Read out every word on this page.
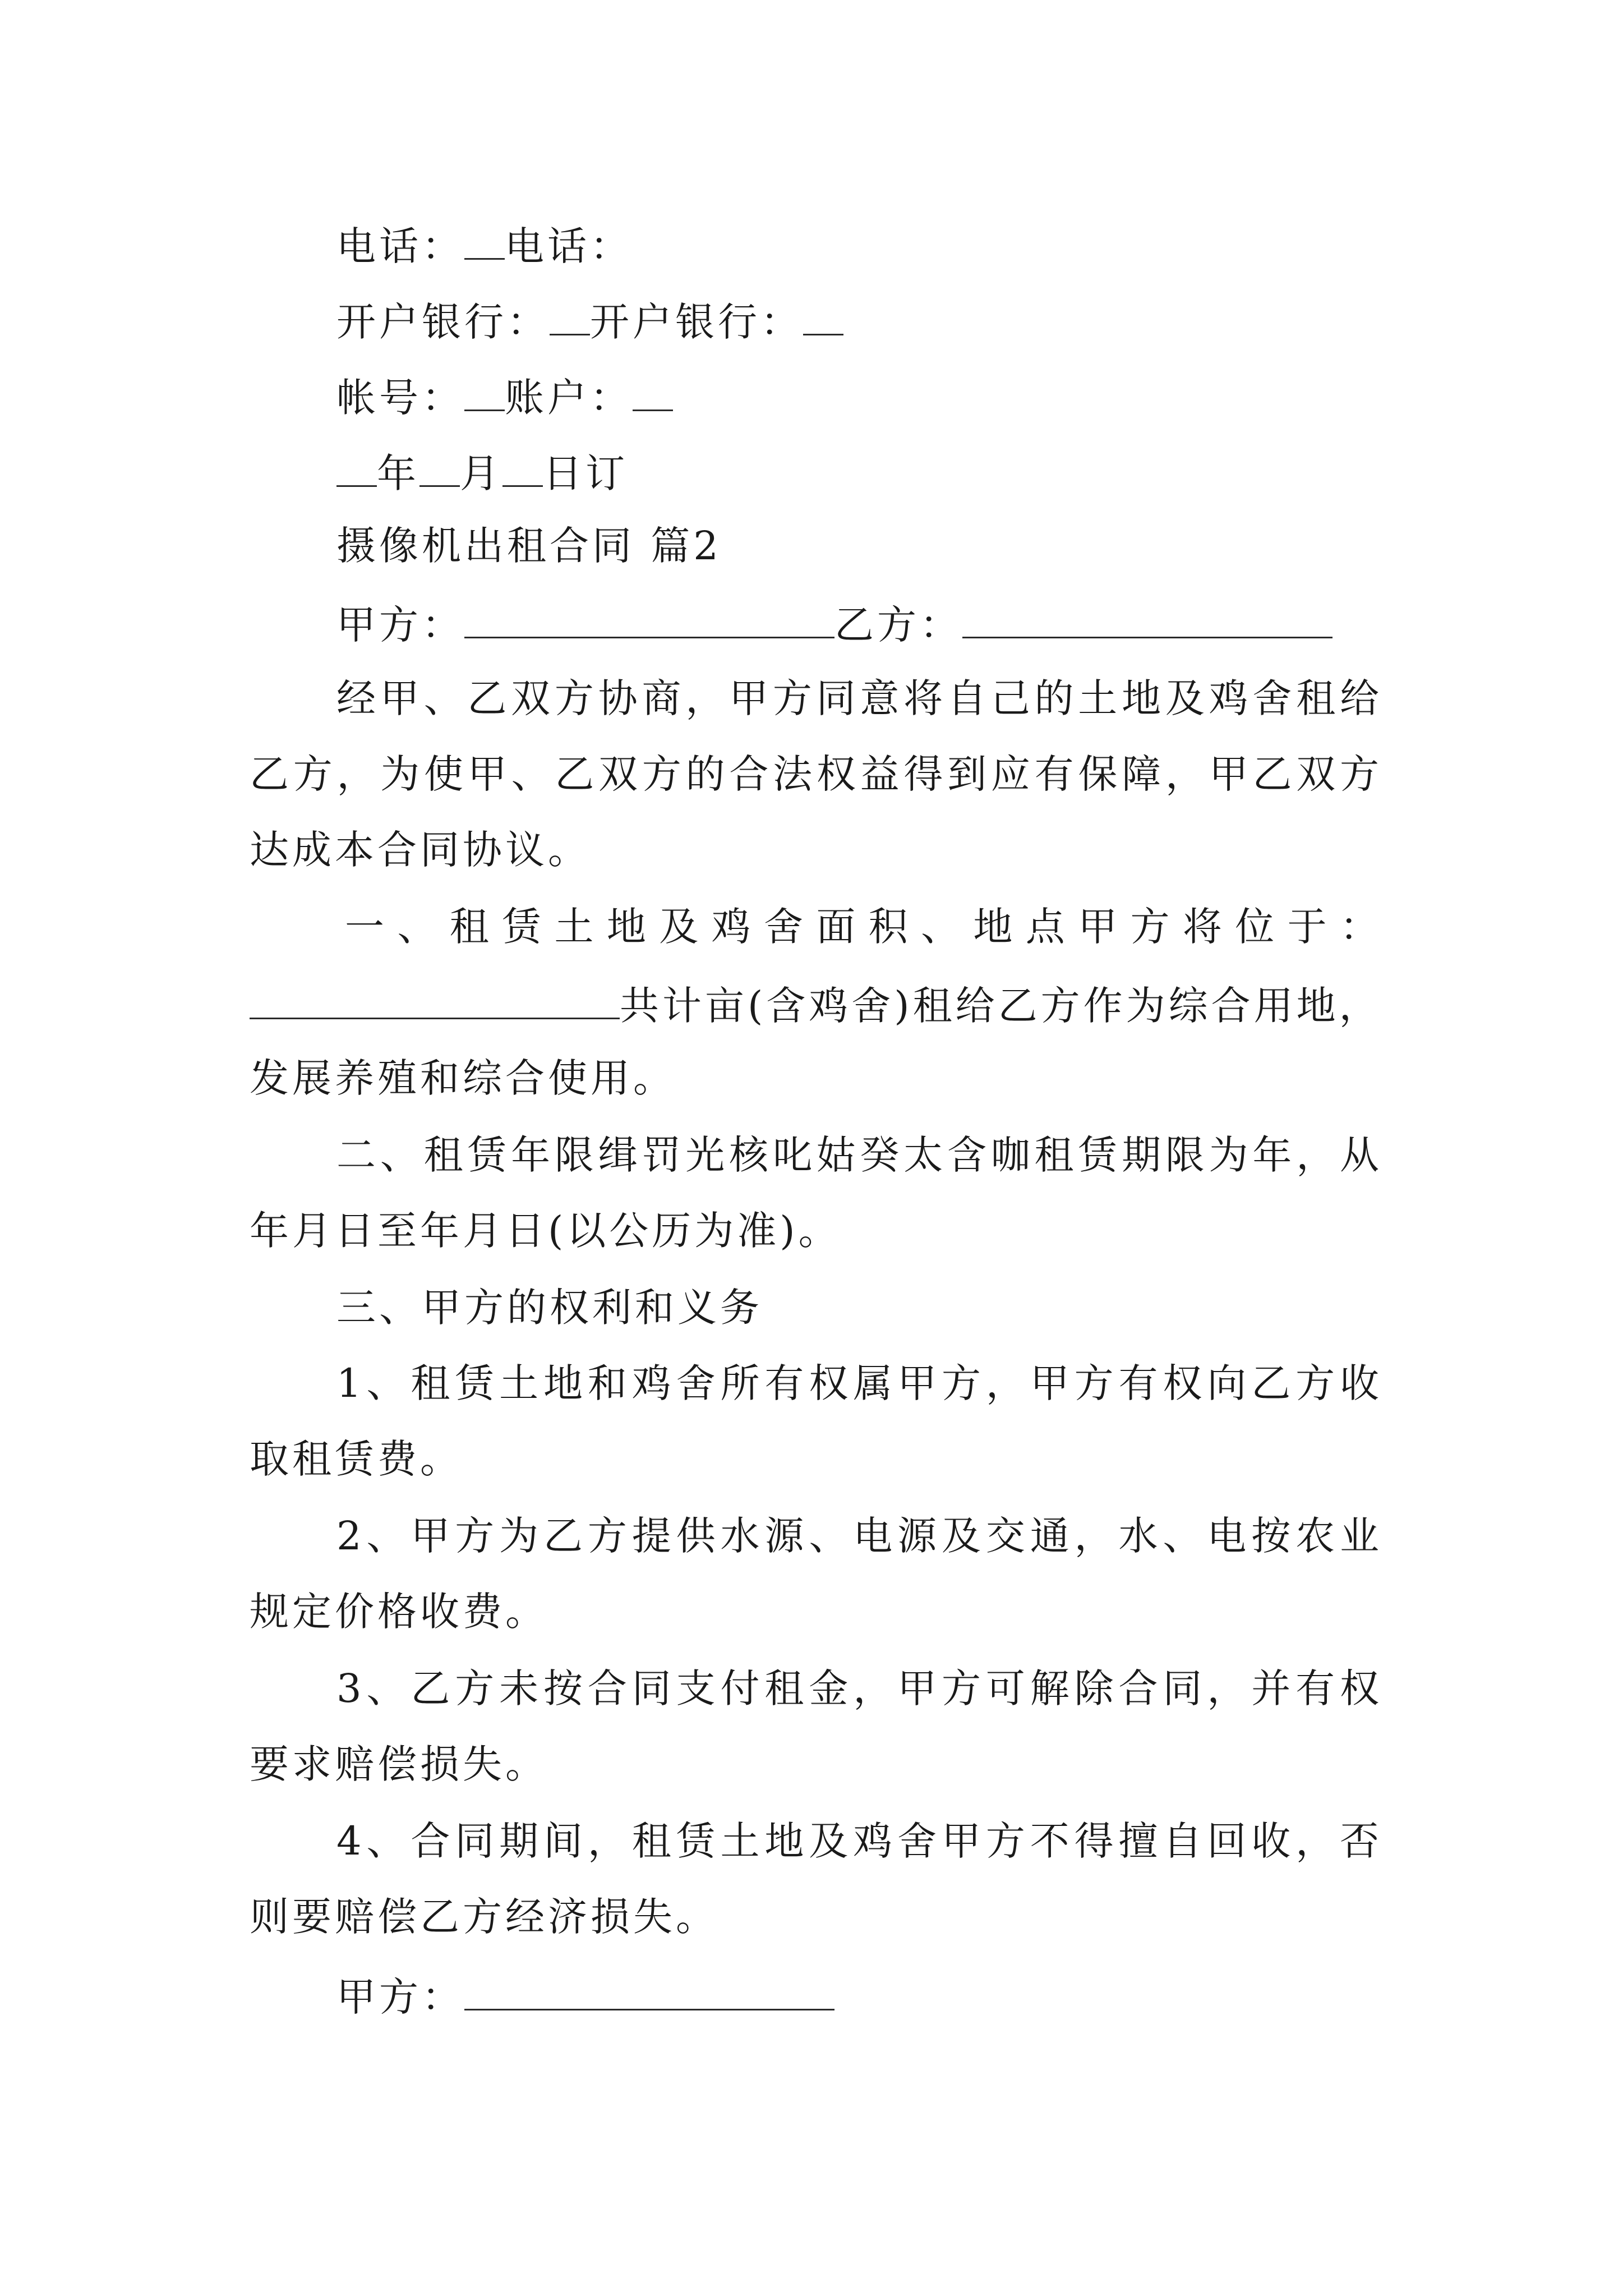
电话： 电话：
开户银行： 开户银行：
帐号： 账户：
年 月 日订
摄像机出租合同 篇2
甲方：	乙方：
经甲、乙双方协商，甲方同意将自己的土地及鸡舍租给
乙方，为使甲、乙双方的合法权益得到应有保障，甲乙双方
达成本合同协议。
一、租赁土地及鸡舍面积、地点甲方将位于：
共计亩(含鸡舍)租给乙方作为综合用地，
发展养殖和综合使用。
二、租赁年限缉罚光核叱姑癸太含咖租赁期限为年，从
年月日至年月日(以公历为准)。
三、甲方的权利和义务
1、租赁土地和鸡舍所有权属甲方，甲方有权向乙方收
取租赁费。
2、甲方为乙方提供水源、电源及交通，水、电按农业
规定价格收费。
3、乙方未按合同支付租金，甲方可解除合同，并有权
要求赔偿损失。
4、合同期间，租赁土地及鸡舍甲方不得擅自回收，否
则要赔偿乙方经济损失。
甲方：
